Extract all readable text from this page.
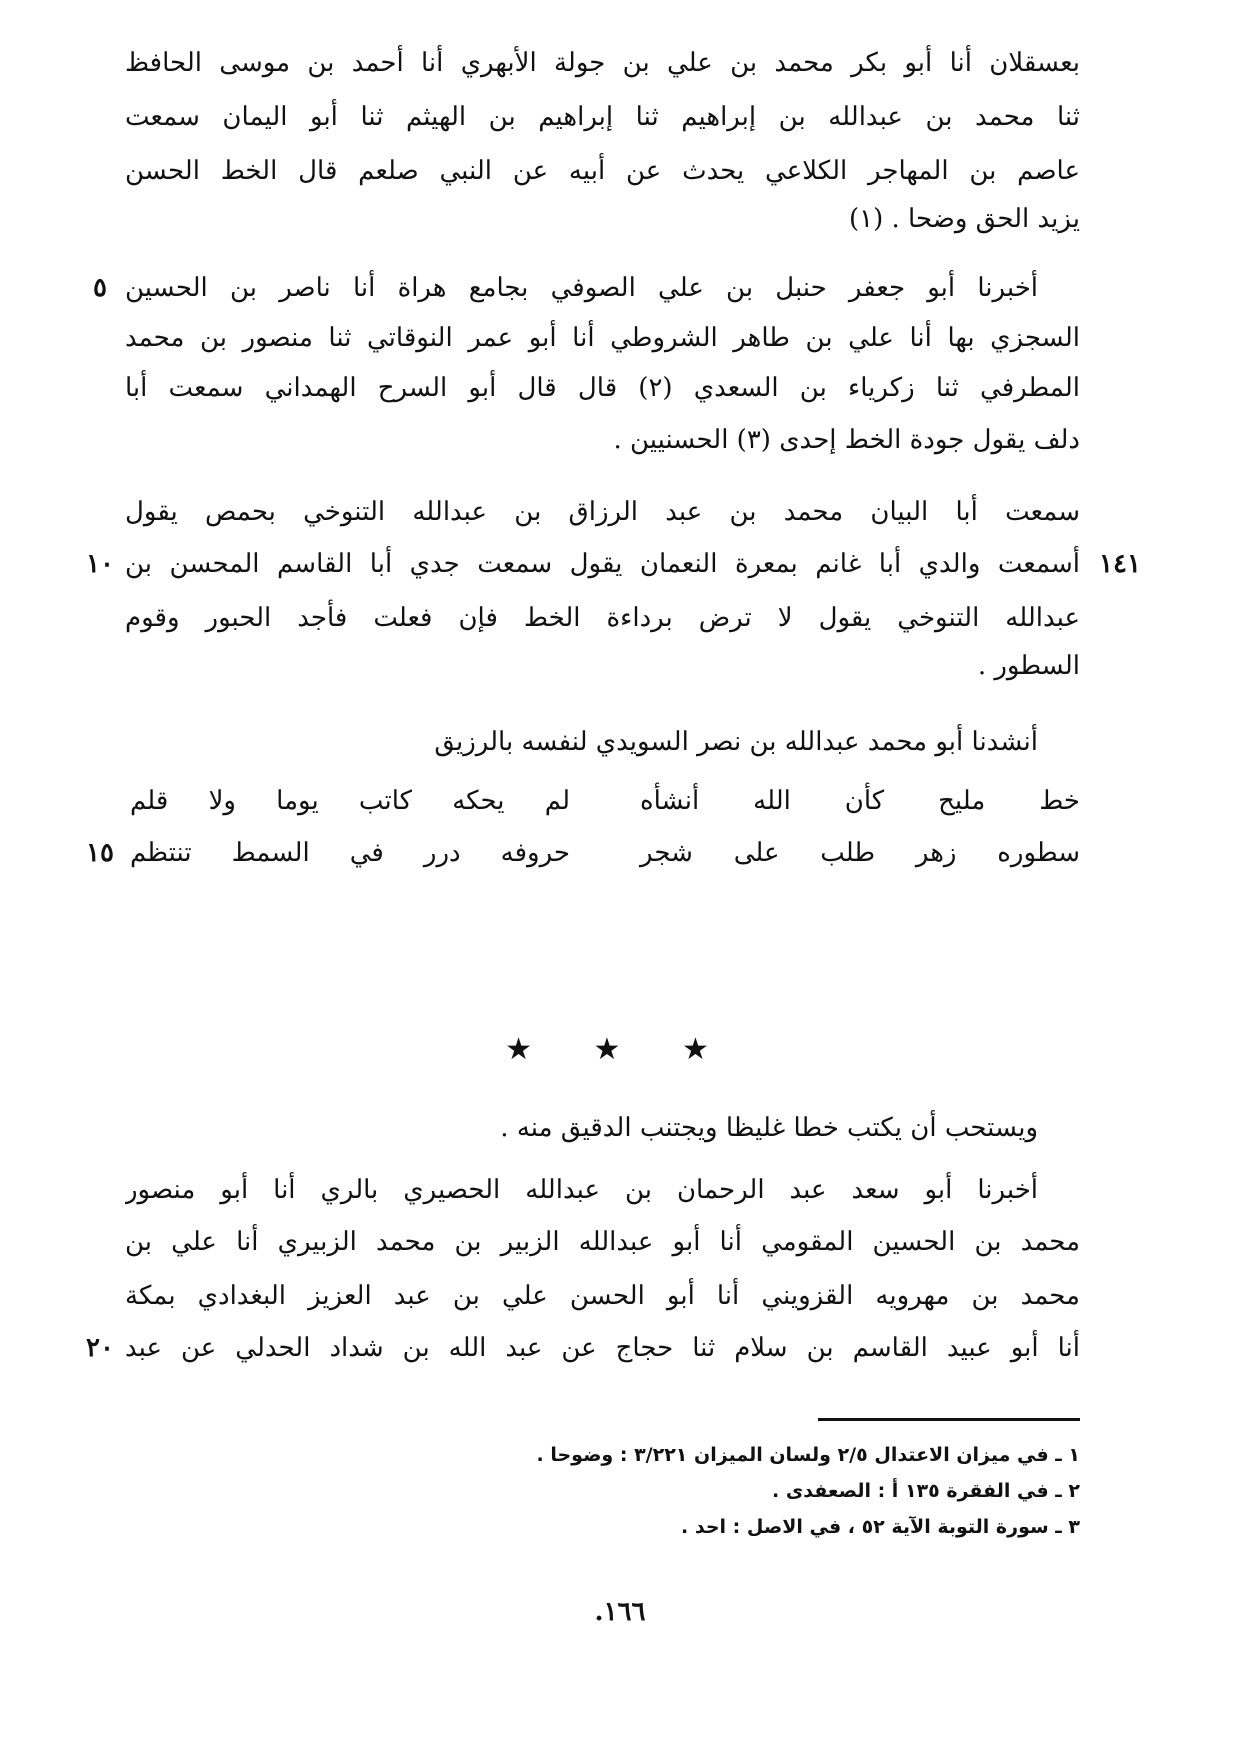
بعسقلان أنا أبو بكر محمد بن علي بن جولة الأبهري أنا أحمد بن موسى الحافظ
ثنا محمد بن عبدالله بن إبراهيم ثنا إبراهيم بن الهيثم ثنا أبو اليمان سمعت
عاصم بن المهاجر الكلاعي يحدث عن أبيه عن النبي صلعم قال الخط الحسن
يزيد الحق وضحا . (١)
أخبرنا أبو جعفر حنبل بن علي الصوفي بجامع هراة أنا ناصر بن الحسين
السجزي بها أنا علي بن طاهر الشروطي أنا أبو عمر النوقاتي ثنا منصور بن محمد
المطرفي ثنا زكرياء بن السعدي (٢) قال قال أبو السرح الهمداني سمعت أبا
دلف يقول جودة الخط إحدى (٣) الحسنيين .
٥
سمعت أبا البيان محمد بن عبد الرزاق بن عبدالله التنوخي بحمص يقول
أسمعت والدي أبا غانم بمعرة النعمان يقول سمعت جدي أبا القاسم المحسن بن
عبدالله التنوخي يقول لا ترض برداءة الخط فإن فعلت فأجد الحبور وقوم
السطور .
١٤١
١٠
أنشدنا أبو محمد عبدالله بن نصر السويدي لنفسه بالرزيق
خط مليح كأن الله أنشأه
لم يحكه كاتب يوما ولا قلم
سطوره زهر طلب على شجر
حروفه درر في السمط تنتظم
١٥
★ ★ ★
ويستحب أن يكتب خطا غليظا ويجتنب الدقيق منه .
أخبرنا أبو سعد عبد الرحمان بن عبدالله الحصيري بالري أنا أبو منصور
محمد بن الحسين المقومي أنا أبو عبدالله الزبير بن محمد الزبيري أنا علي بن
محمد بن مهرويه القزويني أنا أبو الحسن علي بن عبد العزيز البغدادي بمكة
أنا أبو عبيد القاسم بن سلام ثنا حجاج عن عبد الله بن شداد الحدلي عن عبد
٢٠
١ ـ في ميزان الاعتدال ٢/٥ ولسان الميزان ٣/٢٢١ : وضوحا .
٢ ـ في الفقرة ١٣٥ أ : الصعفدى .
٣ ـ سورة التوبة الآية ٥٢ ، في الاصل : احد .
١٦٦.
